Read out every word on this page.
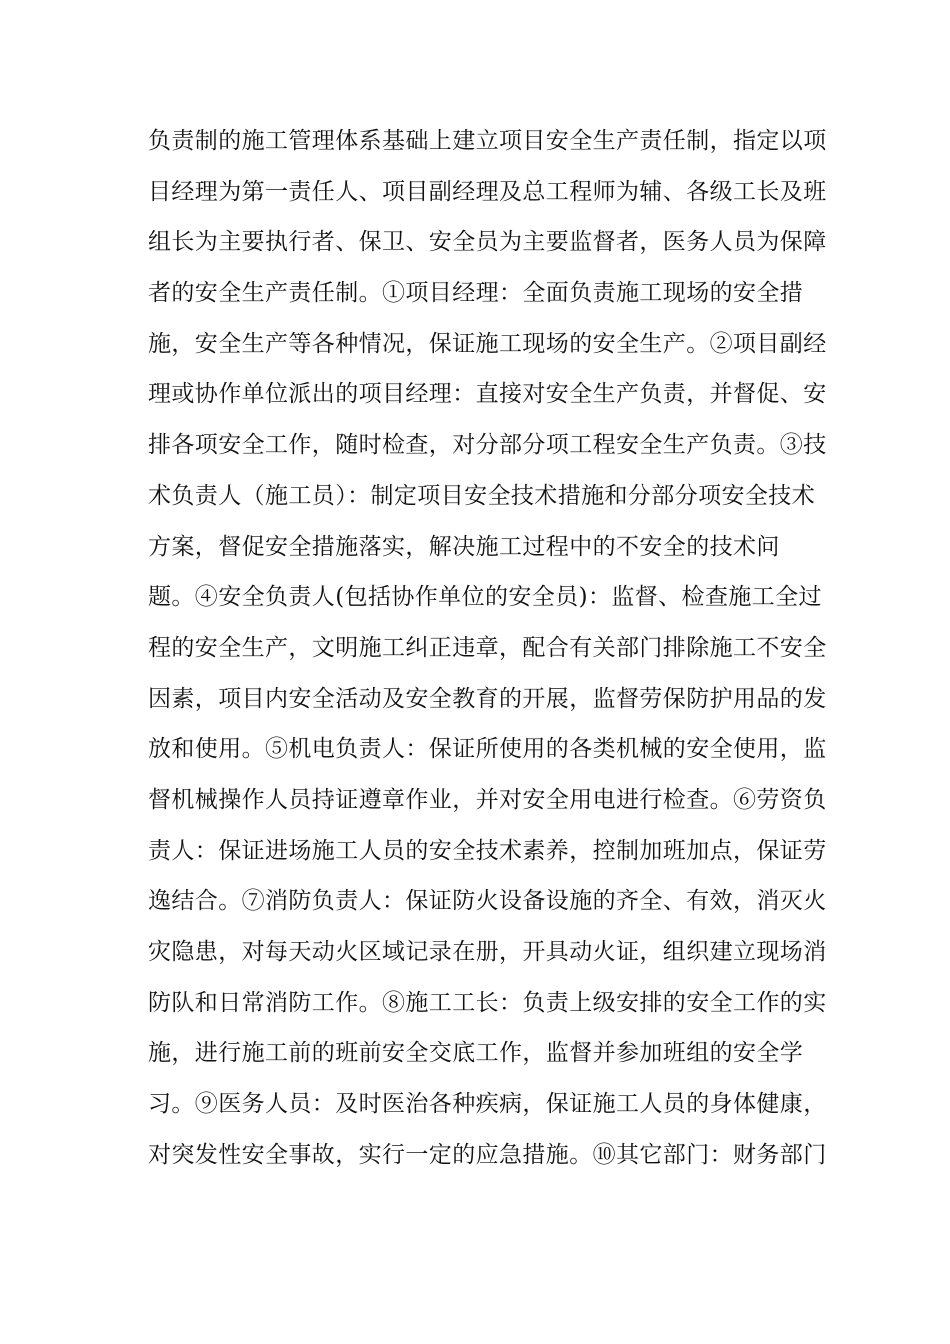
负责制的施工管理体系基础上建立项目安全生产责任制，指定以项
目经理为第一责任人、项目副经理及总工程师为辅、各级工长及班
组长为主要执行者、保卫、安全员为主要监督者，医务人员为保障
者的安全生产责任制。①项目经理：全面负责施工现场的安全措
施，安全生产等各种情况，保证施工现场的安全生产。②项目副经
理或协作单位派出的项目经理：直接对安全生产负责，并督促、安
排各项安全工作，随时检查，对分部分项工程安全生产负责。③技
术负责人（施工员）：制定项目安全技术措施和分部分项安全技术
方案，督促安全措施落实，解决施工过程中的不安全的技术问
题。④安全负责人(包括协作单位的安全员)：监督、检查施工全过
程的安全生产，文明施工纠正违章，配合有关部门排除施工不安全
因素，项目内安全活动及安全教育的开展，监督劳保防护用品的发
放和使用。⑤机电负责人：保证所使用的各类机械的安全使用，监
督机械操作人员持证遵章作业，并对安全用电进行检查。⑥劳资负
责人：保证进场施工人员的安全技术素养，控制加班加点，保证劳
逸结合。⑦消防负责人：保证防火设备设施的齐全、有效，消灭火
灾隐患，对每天动火区域记录在册，开具动火证，组织建立现场消
防队和日常消防工作。⑧施工工长：负责上级安排的安全工作的实
施，进行施工前的班前安全交底工作，监督并参加班组的安全学
习。⑨医务人员：及时医治各种疾病，保证施工人员的身体健康，
对突发性安全事故，实行一定的应急措施。⑩其它部门：财务部门
